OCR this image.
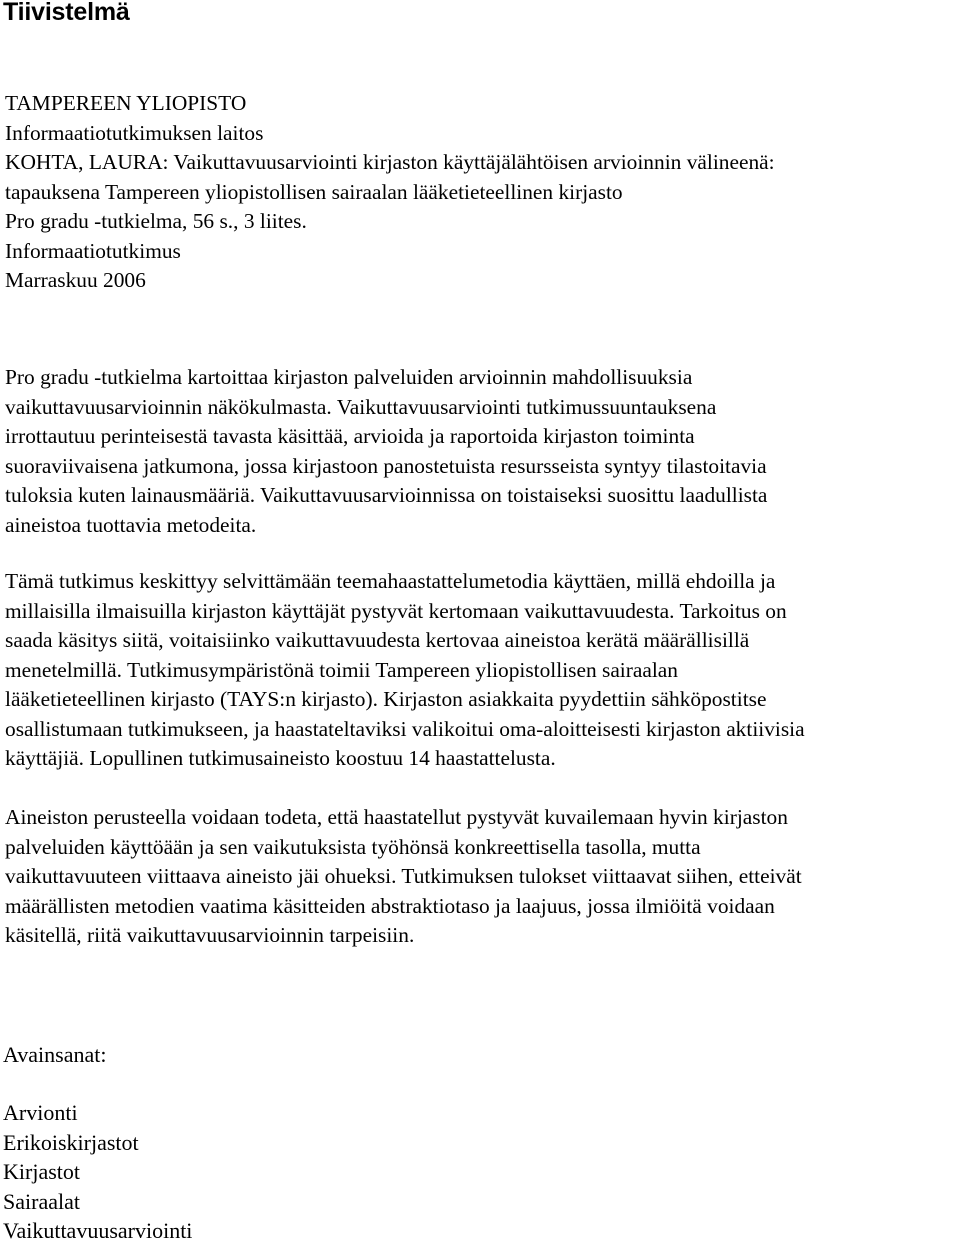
Tiivistelmä
TAMPEREEN YLIOPISTO
Informaatiotutkimuksen laitos
KOHTA, LAURA: Vaikuttavuusarviointi kirjaston käyttäjälähtöisen arvioinnin välineenä:
tapauksena Tampereen yliopistollisen sairaalan lääketieteellinen kirjasto
Pro gradu -tutkielma, 56 s., 3 liites.
Informaatiotutkimus
Marraskuu 2006

Pro gradu -tutkielma kartoittaa kirjaston palveluiden arvioinnin mahdollisuuksia

vaikuttavuusarvioinnin näkökulmasta. Vaikuttavuusarviointi tutkimussuuntauksena

irrottautuu perinteisestä tavasta käsittää, arvioida ja raportoida kirjaston toiminta

suoraviivaisena jatkumona, jossa kirjastoon panostetuista resursseista syntyy tilastoitavia

tuloksia kuten lainausmääriä. Vaikuttavuusarvioinnissa on toistaiseksi suosittu laadullista

aineistoa tuottavia metodeita.

Tämä tutkimus keskittyy selvittämään teemahaastattelumetodia käyttäen, millä ehdoilla ja

millaisilla ilmaisuilla kirjaston käyttäjät pystyvät kertomaan vaikuttavuudesta. Tarkoitus on

saada käsitys siitä, voitaisiinko vaikuttavuudesta kertovaa aineistoa kerätä määrällisillä

menetelmillä. Tutkimusympäristönä toimii Tampereen yliopistollisen sairaalan

lääketieteellinen kirjasto (TAYS:n kirjasto). Kirjaston asiakkaita pyydettiin sähköpostitse

osallistumaan tutkimukseen, ja haastateltaviksi valikoitui oma-aloitteisesti kirjaston aktiivisia

käyttäjiä. Lopullinen tutkimusaineisto koostuu 14 haastattelusta.

Aineiston perusteella voidaan todeta, että haastatellut pystyvät kuvailemaan hyvin kirjaston

palveluiden käyttöään ja sen vaikutuksista työhönsä konkreettisella tasolla, mutta

vaikuttavuuteen viittaava aineisto jäi ohueksi. Tutkimuksen tulokset viittaavat siihen, etteivät

määrällisten metodien vaatima käsitteiden abstraktiotaso ja laajuus, jossa ilmiöitä voidaan

käsitellä, riitä vaikuttavuusarvioinnin tarpeisiin.

Avainsanat:
Arvionti
Erikoiskirjastot
Kirjastot
Sairaalat
Vaikuttavuusarviointi
